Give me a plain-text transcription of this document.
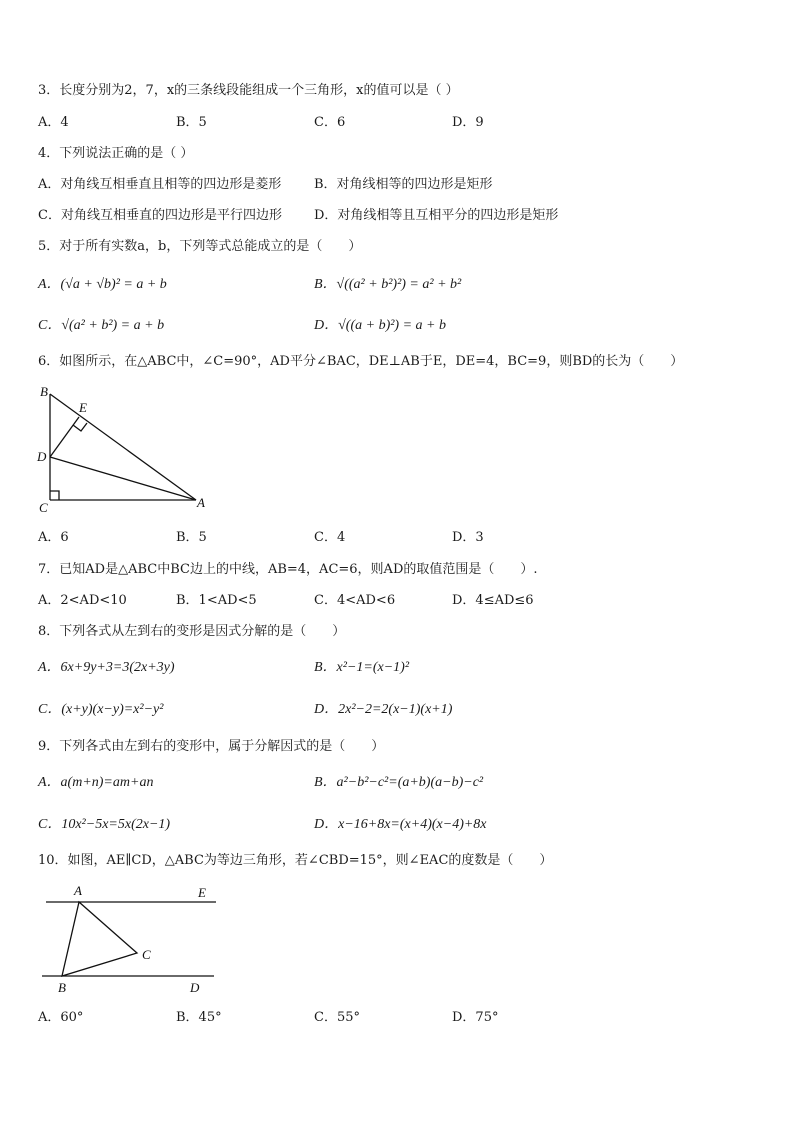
3．长度分别为2，7，x的三条线段能组成一个三角形，x的值可以是（ ）
A．4	B．5	C．6	D．9
4．下列说法正确的是（ ）
A．对角线互相垂直且相等的四边形是菱形	B．对角线相等的四边形是矩形
C．对角线互相垂直的四边形是平行四边形 D．对角线相等且互相平分的四边形是矩形
5．对于所有实数a，b，下列等式总能成立的是（　　）
A．(√a + √b)² = a + b	B．√((a² + b²)²) = a² + b²
C．√(a² + b²) = a + b	D．√((a + b)²) = a + b
6．如图所示，在△ABC中，∠C=90°，AD平分∠BAC，DE⊥AB于E，DE=4，BC=9，则BD的长为（　　）
B
E
D
C	A
A．6	B．5	C．4	D．3
7．已知AD是△ABC中BC边上的中线，AB=4，AC=6，则AD的取值范围是（　　）.
A．2<AD<10	B．1<AD<5	C．4<AD<6	D．4≤AD≤6
8．下列各式从左到右的变形是因式分解的是（　　）
A．6x+9y+3=3(2x+3y)	B．x²−1=(x−1)²
C．(x+y)(x−y)=x²−y²	D．2x²−2=2(x−1)(x+1)
9．下列各式由左到右的变形中，属于分解因式的是（　　）
A．a(m+n)=am+an	B．a²−b²−c²=(a+b)(a−b)−c²
C．10x²−5x=5x(2x−1)	D．x−16+8x=(x+4)(x−4)+8x
10．如图，AE∥CD，△ABC为等边三角形，若∠CBD=15°，则∠EAC的度数是（　　）
A	E
C
B	D
A．60°	B．45°	C．55°	D．75°
